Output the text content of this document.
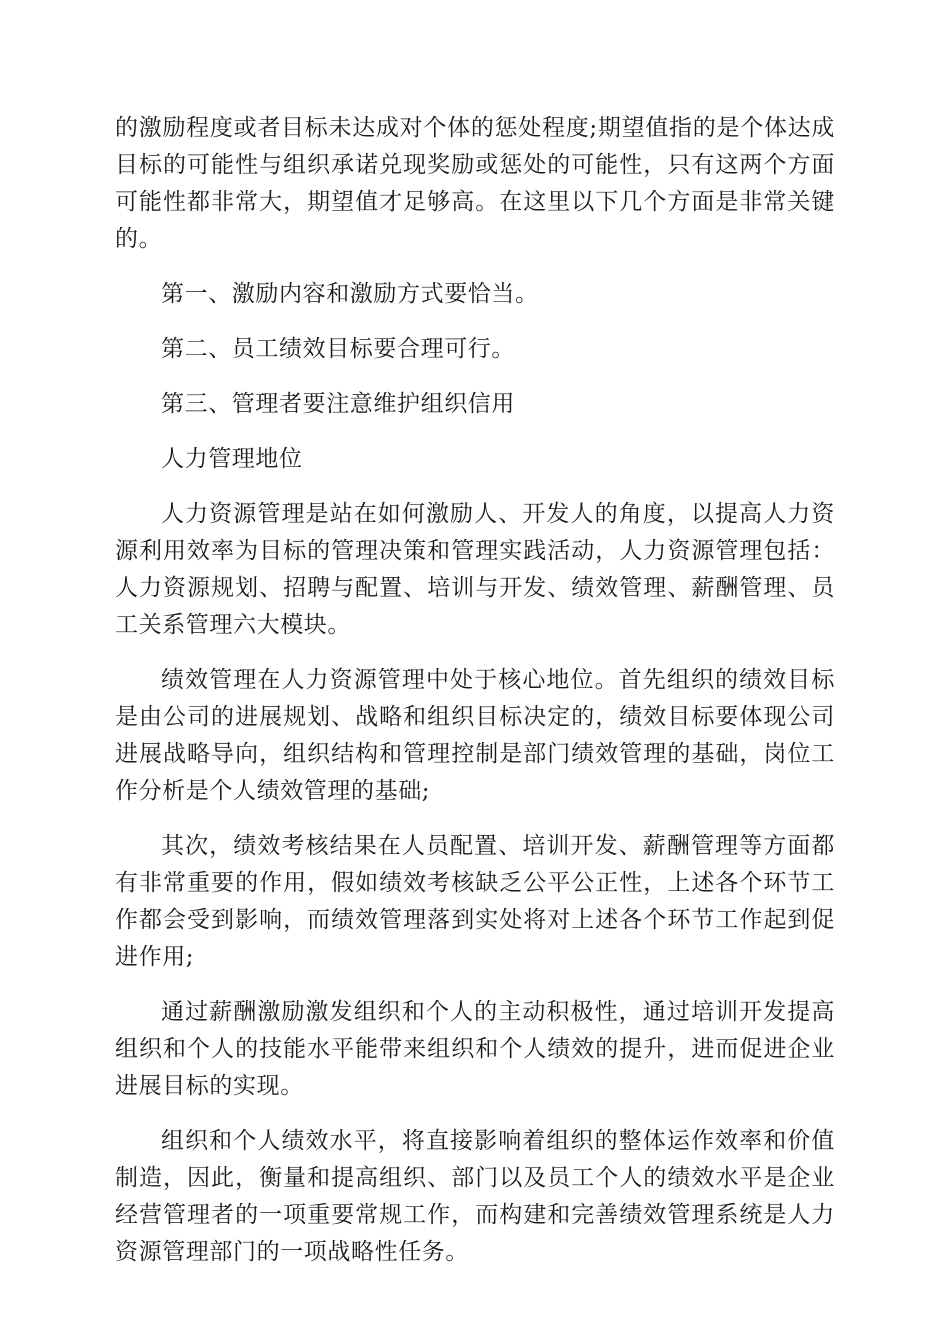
的激励程度或者目标未达成对个体的惩处程度;期望值指的是个体达成目标的可能性与组织承诺兑现奖励或惩处的可能性，只有这两个方面可能性都非常大，期望值才足够高。在这里以下几个方面是非常关键的。

第一、激励内容和激励方式要恰当。

第二、员工绩效目标要合理可行。

第三、管理者要注意维护组织信用

人力管理地位

人力资源管理是站在如何激励人、开发人的角度，以提高人力资源利用效率为目标的管理决策和管理实践活动，人力资源管理包括：人力资源规划、招聘与配置、培训与开发、绩效管理、薪酬管理、员工关系管理六大模块。

绩效管理在人力资源管理中处于核心地位。首先组织的绩效目标是由公司的进展规划、战略和组织目标决定的，绩效目标要体现公司进展战略导向，组织结构和管理控制是部门绩效管理的基础，岗位工作分析是个人绩效管理的基础;

其次，绩效考核结果在人员配置、培训开发、薪酬管理等方面都有非常重要的作用，假如绩效考核缺乏公平公正性，上述各个环节工作都会受到影响，而绩效管理落到实处将对上述各个环节工作起到促进作用;

通过薪酬激励激发组织和个人的主动积极性，通过培训开发提高组织和个人的技能水平能带来组织和个人绩效的提升，进而促进企业进展目标的实现。

组织和个人绩效水平，将直接影响着组织的整体运作效率和价值制造，因此，衡量和提高组织、部门以及员工个人的绩效水平是企业经营管理者的一项重要常规工作，而构建和完善绩效管理系统是人力资源管理部门的一项战略性任务。
